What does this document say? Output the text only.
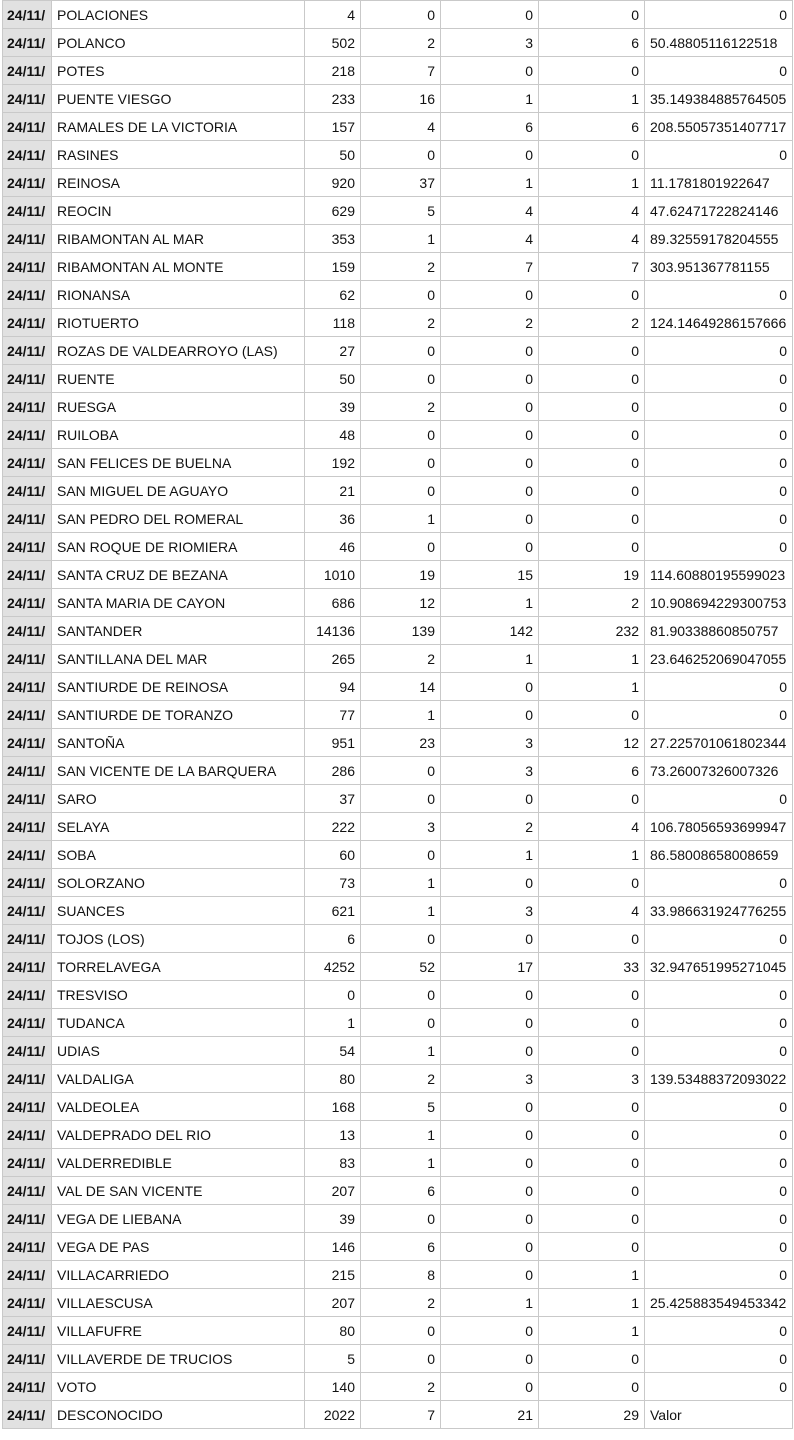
24/11/	POLACIONES	4	0	0	0	0
24/11/	POLANCO	502	2	3	6	50.48805116122518
24/11/	POTES	218	7	0	0	0
24/11/	PUENTE VIESGO	233	16	1	1	35.149384885764505
24/11/	RAMALES DE LA VICTORIA	157	4	6	6	208.55057351407717
24/11/	RASINES	50	0	0	0	0
24/11/	REINOSA	920	37	1	1	11.1781801922647
24/11/	REOCIN	629	5	4	4	47.62471722824146
24/11/	RIBAMONTAN AL MAR	353	1	4	4	89.32559178204555
24/11/	RIBAMONTAN AL MONTE	159	2	7	7	303.951367781155
24/11/	RIONANSA	62	0	0	0	0
24/11/	RIOTUERTO	118	2	2	2	124.14649286157666
24/11/	ROZAS DE VALDEARROYO (LAS)	27	0	0	0	0
24/11/	RUENTE	50	0	0	0	0
24/11/	RUESGA	39	2	0	0	0
24/11/	RUILOBA	48	0	0	0	0
24/11/	SAN FELICES DE BUELNA	192	0	0	0	0
24/11/	SAN MIGUEL DE AGUAYO	21	0	0	0	0
24/11/	SAN PEDRO DEL ROMERAL	36	1	0	0	0
24/11/	SAN ROQUE DE RIOMIERA	46	0	0	0	0
24/11/	SANTA CRUZ DE BEZANA	1010	19	15	19	114.60880195599023
24/11/	SANTA MARIA DE CAYON	686	12	1	2	10.908694229300753
24/11/	SANTANDER	14136	139	142	232	81.90338860850757
24/11/	SANTILLANA DEL MAR	265	2	1	1	23.646252069047055
24/11/	SANTIURDE DE REINOSA	94	14	0	1	0
24/11/	SANTIURDE DE TORANZO	77	1	0	0	0
24/11/	SANTOÑA	951	23	3	12	27.225701061802344
24/11/	SAN VICENTE DE LA BARQUERA	286	0	3	6	73.26007326007326
24/11/	SARO	37	0	0	0	0
24/11/	SELAYA	222	3	2	4	106.78056593699947
24/11/	SOBA	60	0	1	1	86.58008658008659
24/11/	SOLORZANO	73	1	0	0	0
24/11/	SUANCES	621	1	3	4	33.986631924776255
24/11/	TOJOS (LOS)	6	0	0	0	0
24/11/	TORRELAVEGA	4252	52	17	33	32.947651995271045
24/11/	TRESVISO	0	0	0	0	0
24/11/	TUDANCA	1	0	0	0	0
24/11/	UDIAS	54	1	0	0	0
24/11/	VALDALIGA	80	2	3	3	139.53488372093022
24/11/	VALDEOLEA	168	5	0	0	0
24/11/	VALDEPRADO DEL RIO	13	1	0	0	0
24/11/	VALDERREDIBLE	83	1	0	0	0
24/11/	VAL DE SAN VICENTE	207	6	0	0	0
24/11/	VEGA DE LIEBANA	39	0	0	0	0
24/11/	VEGA DE PAS	146	6	0	0	0
24/11/	VILLACARRIEDO	215	8	0	1	0
24/11/	VILLAESCUSA	207	2	1	1	25.425883549453342
24/11/	VILLAFUFRE	80	0	0	1	0
24/11/	VILLAVERDE DE TRUCIOS	5	0	0	0	0
24/11/	VOTO	140	2	0	0	0
24/11/	DESCONOCIDO	2022	7	21	29	Valor
